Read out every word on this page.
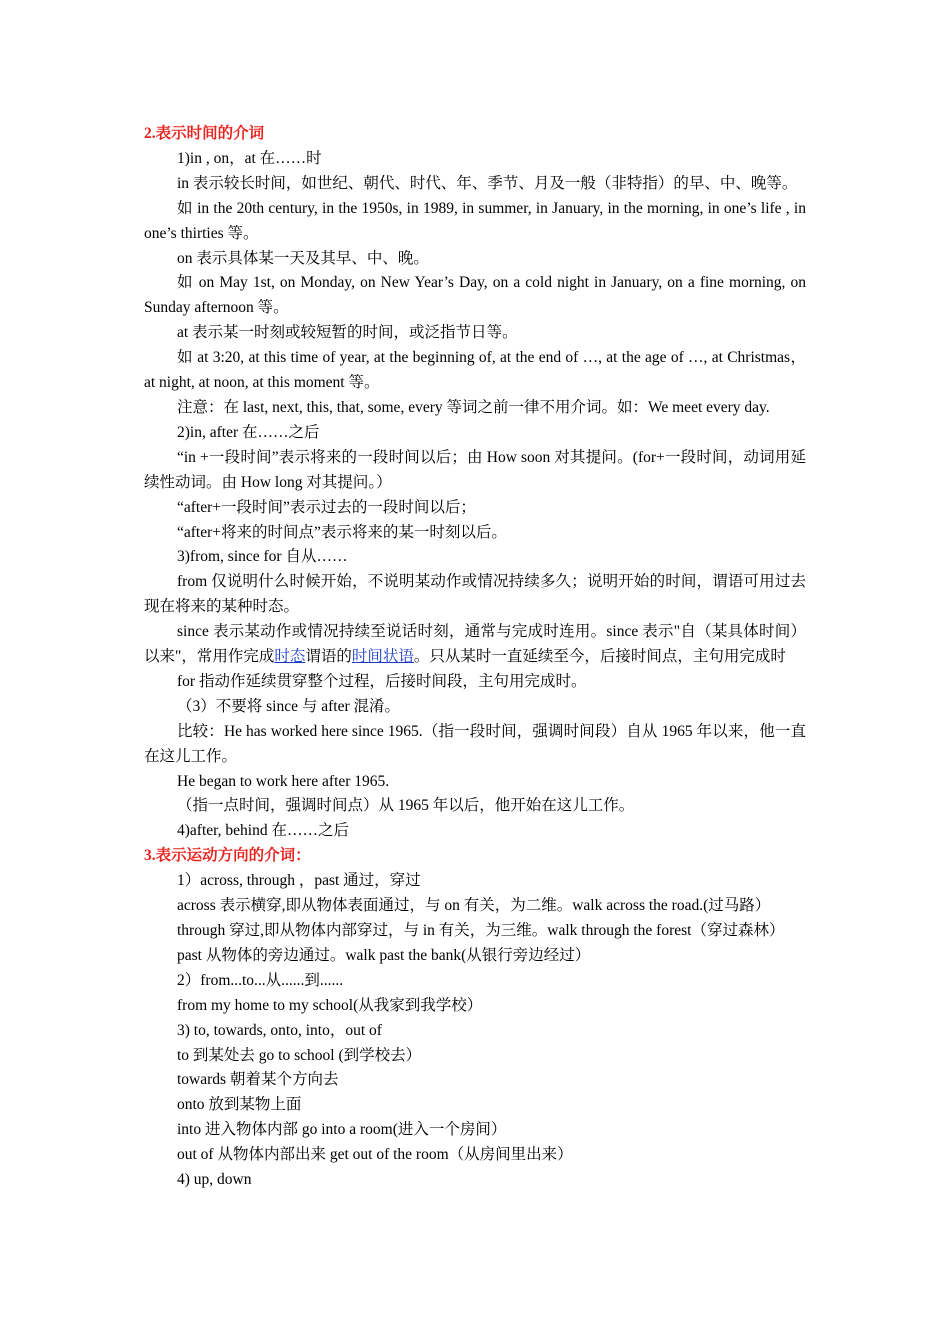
2.表示时间的介词

1)in , on，at 在……时

in 表示较长时间，如世纪、朝代、时代、年、季节、月及一般（非特指）的早、中、晚等。

如 in the 20th century, in the 1950s, in 1989, in summer, in January, in the morning, in one’s life , in one’s thirties 等。

on 表示具体某一天及其早、中、晚。

如 on May 1st, on Monday, on New Year’s Day, on a cold night in January, on a fine morning, on Sunday afternoon 等。

at 表示某一时刻或较短暂的时间，或泛指节日等。

如 at 3:20, at this time of year, at the beginning of, at the end of …, at the age of …, at Christmas， at night, at noon, at this moment 等。

注意：在 last, next, this, that, some, every 等词之前一律不用介词。如：We meet every day.

2)in, after 在……之后

“in +一段时间”表示将来的一段时间以后；由 How soon 对其提问。(for+一段时间，动词用延续性动词。由 How long 对其提问。）

“after+一段时间”表示过去的一段时间以后；

“after+将来的时间点”表示将来的某一时刻以后。

3)from, since for 自从……

from 仅说明什么时候开始，不说明某动作或情况持续多久；说明开始的时间，谓语可用过去现在将来的某种时态。

since 表示某动作或情况持续至说话时刻，通常与完成时连用。since 表示"自（某具体时间）以来"，常用作完成时态谓语的时间状语。只从某时一直延续至今，后接时间点，主句用完成时

for 指动作延续贯穿整个过程，后接时间段，主句用完成时。

（3）不要将 since 与 after 混淆。

比较：He has worked here since 1965.（指一段时间，强调时间段）自从 1965 年以来，他一直在这儿工作。

He began to work here after 1965.

（指一点时间，强调时间点）从 1965 年以后，他开始在这儿工作。

4)after, behind 在……之后

3.表示运动方向的介词：

1）across, through ，past 通过，穿过

across 表示横穿,即从物体表面通过，与 on 有关，为二维。walk across the road.(过马路）

through 穿过,即从物体内部穿过，与 in 有关，为三维。walk through the forest（穿过森林）

past 从物体的旁边通过。walk past the bank(从银行旁边经过）

2）from...to...从......到......

from my home to my school(从我家到我学校）

3) to, towards, onto, into，out of

to 到某处去 go to school (到学校去）

towards 朝着某个方向去

onto 放到某物上面

into 进入物体内部 go into a room(进入一个房间）

out of 从物体内部出来 get out of the room（从房间里出来）

4) up, down
